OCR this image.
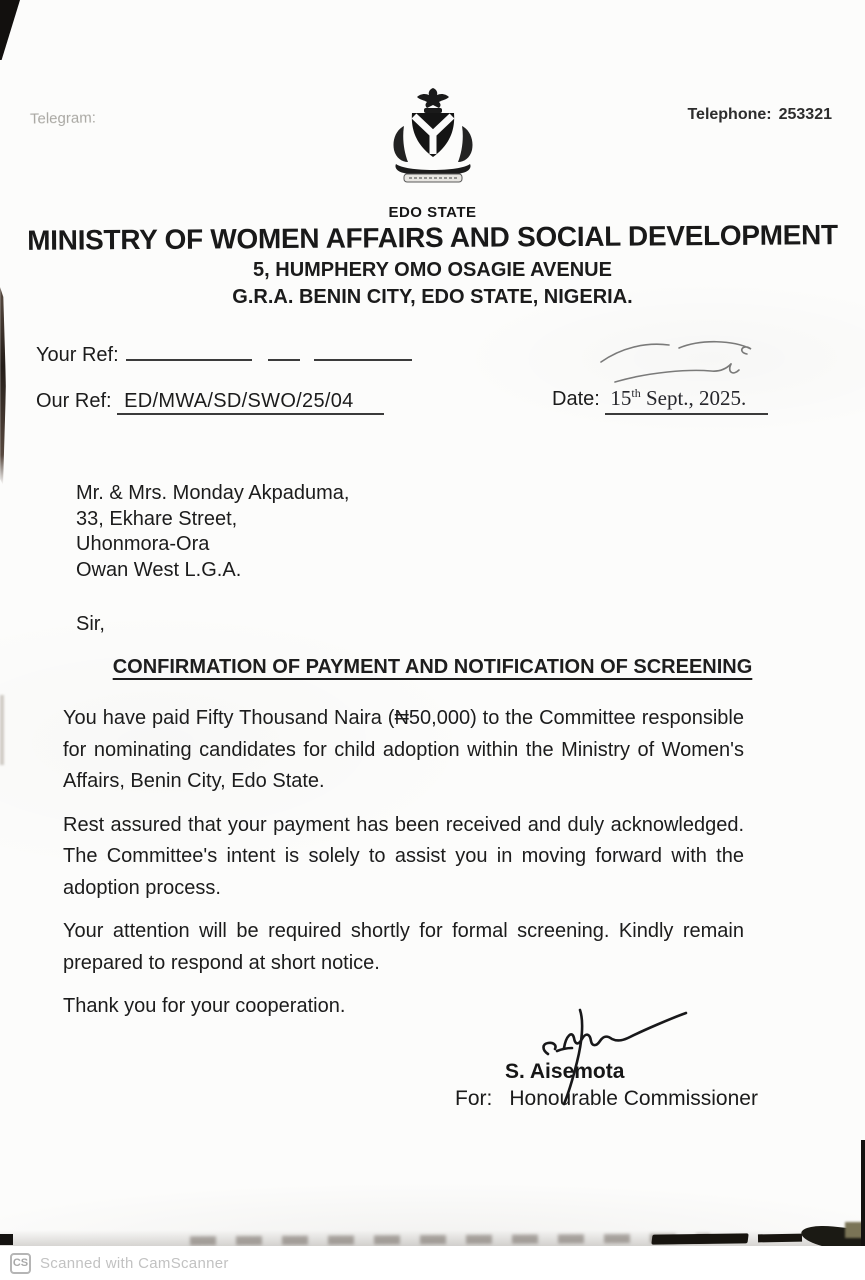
Telegram:	Telephone: 253321
EDO STATE
MINISTRY OF WOMEN AFFAIRS AND SOCIAL DEVELOPMENT
5, HUMPHERY OMO OSAGIE AVENUE
G.R.A. BENIN CITY, EDO STATE, NIGERIA.
Your Ref:
Our Ref: ED/MWA/SD/SWO/25/04	Date: 15th Sept., 2025.
Mr. & Mrs. Monday Akpaduma,
33, Ekhare Street,
Uhonmora-Ora
Owan West L.G.A.
Sir,
CONFIRMATION OF PAYMENT AND NOTIFICATION OF SCREENING

You have paid Fifty Thousand Naira (₦50,000) to the Committee responsible for nominating candidates for child adoption within the Ministry of Women's Affairs, Benin City, Edo State.

Rest assured that your payment has been received and duly acknowledged. The Committee's intent is solely to assist you in moving forward with the adoption process.

Your attention will be required shortly for formal screening. Kindly remain prepared to respond at short notice.

Thank you for your cooperation.

S. Aisemota
For: Honourable Commissioner
CS Scanned with CamScanner
